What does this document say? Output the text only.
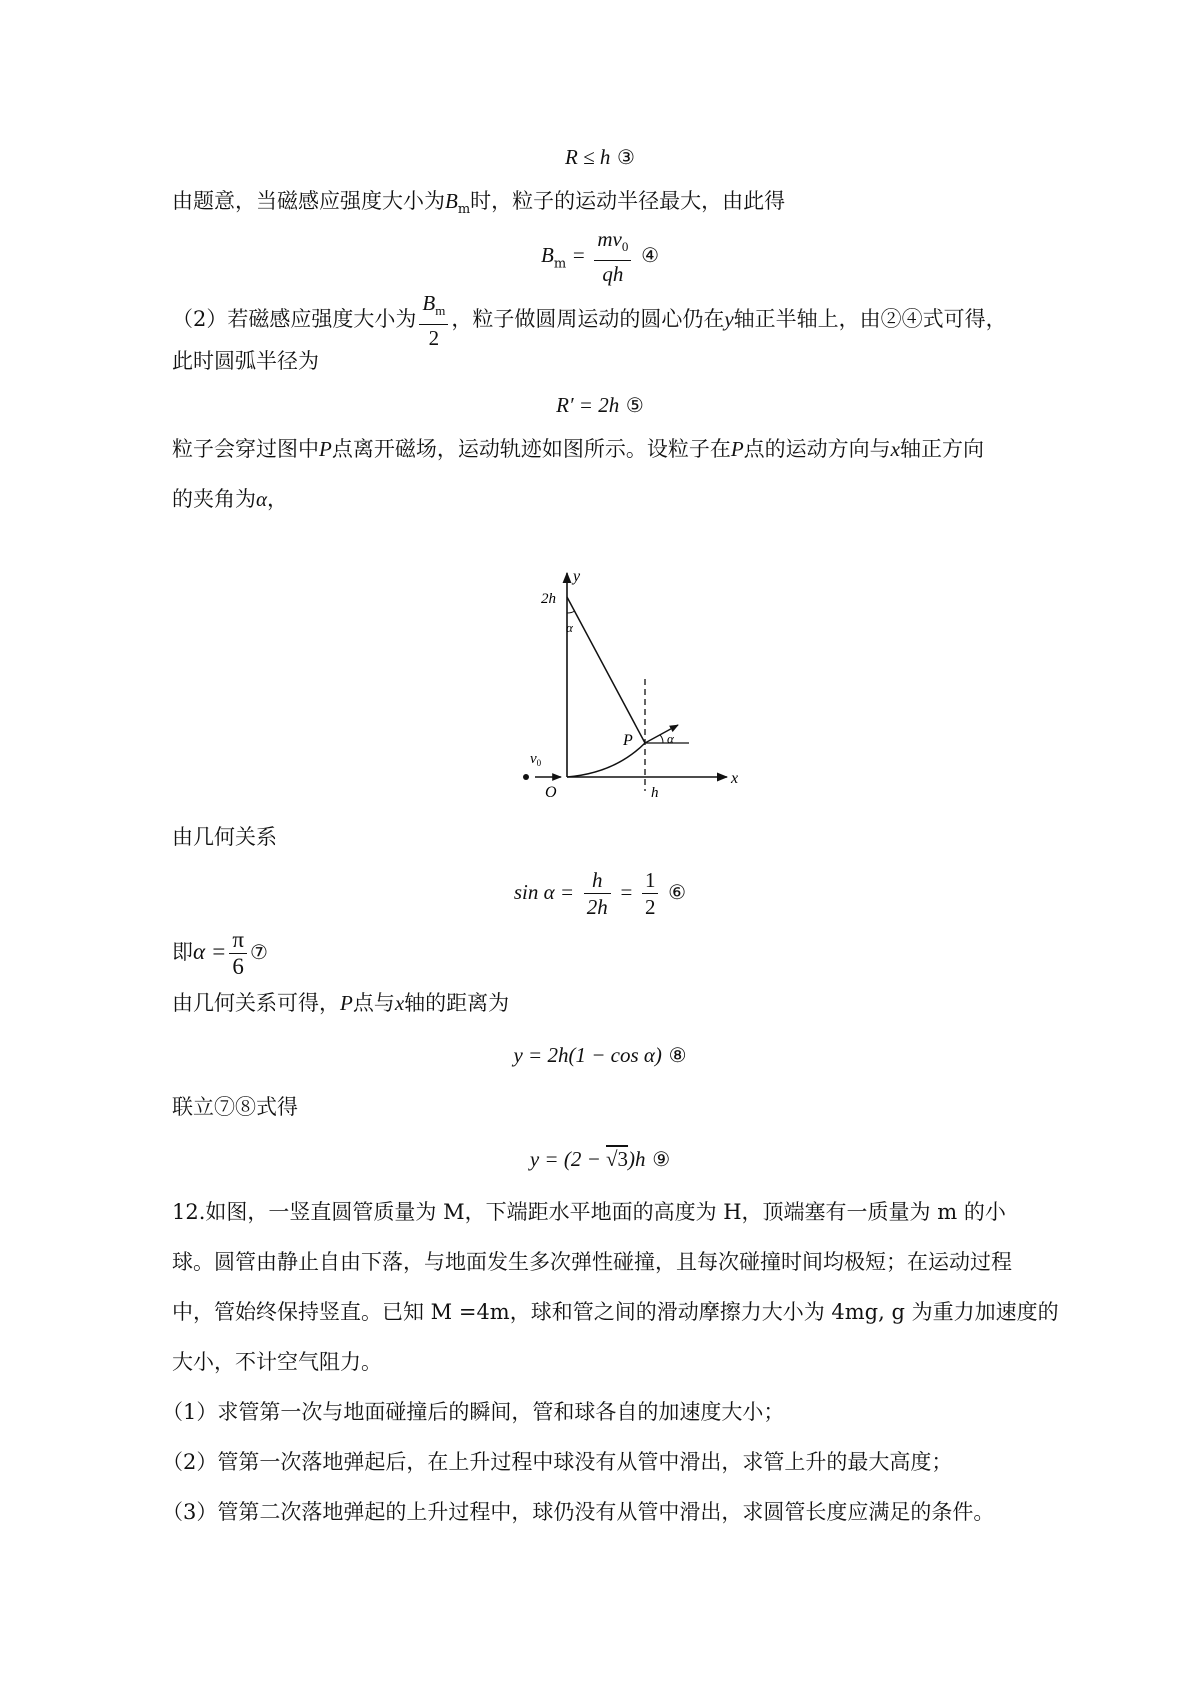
R ≤ h ③
由题意，当磁感应强度大小为$B_m$时，粒子的运动半径最大，由此得
$B_m = \frac{mv_0}{qh}$ ④
（2）若磁感应强度大小为 $\frac{B_m}{2}$ ，粒子做圆周运动的圆心仍在y轴正半轴上，由②④式可得，
此时圆弧半径为
R′ = 2h ⑤
粒子会穿过图中P点离开磁场，运动轨迹如图所示。设粒子在P点的运动方向与x轴正方向
的夹角为α，
y
x
2h
α
P	α
$v_0$
O	h
由几何关系
$\sin \alpha = \frac{h}{2h} = \frac{1}{2}$ ⑥
即$\alpha = \frac{\pi}{6}$ ⑦
由几何关系可得，P点与x轴的距离为
y = 2h(1 − cos α) ⑧
联立⑦⑧式得
y = (2 − √3)h ⑨
12.如图，一竖直圆管质量为 M，下端距水平地面的高度为 H，顶端塞有一质量为 m 的小
球。圆管由静止自由下落，与地面发生多次弹性碰撞，且每次碰撞时间均极短；在运动过程
中，管始终保持竖直。已知 M =4m，球和管之间的滑动摩擦力大小为 4mg, g 为重力加速度的
大小，不计空气阻力。
（1）求管第一次与地面碰撞后的瞬间，管和球各自的加速度大小；
（2）管第一次落地弹起后，在上升过程中球没有从管中滑出，求管上升的最大高度；
（3）管第二次落地弹起的上升过程中，球仍没有从管中滑出，求圆管长度应满足的条件。
